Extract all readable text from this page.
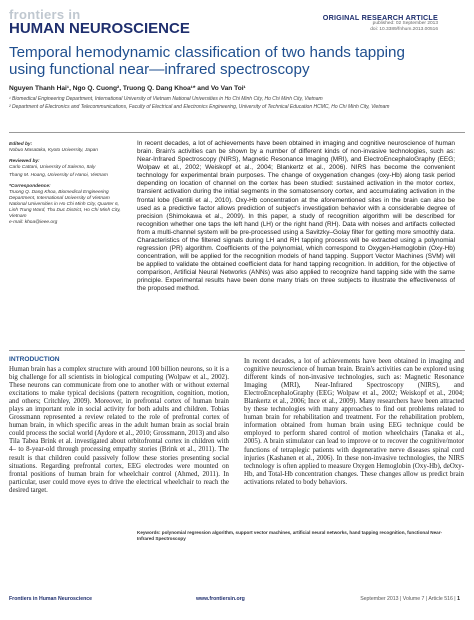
frontiers in
HUMAN NEUROSCIENCE
ORIGINAL RESEARCH ARTICLE
published: 02 September 2013
doi: 10.3389/fnhum.2013.00516
Temporal hemodynamic classification of two hands tapping using functional near—infrared spectroscopy
Nguyen Thanh Hai¹, Ngo Q. Cuong², Truong Q. Dang Khoa¹* and Vo Van Toi¹
¹ Biomedical Engineering Department, International University of Vietnam National Universities in Ho Chi Minh City, Ho Chi Minh City, Vietnam
² Department of Electronics and Telecommunications, Faculty of Electrical and Electronics Engineering, University of Technical Education HCMC, Ho Chi Minh City, Vietnam
Edited by:
Nobuo Masataka, Kyoto University, Japan
Reviewed by:
Carlo Cattani, University of Salerno, Italy
Thang M. Hoang, University of Hanoi, Vietnam
*Correspondence:
Truong Q. Dang Khoa, Biomedical Engineering Department, International University of Vietnam National Universities in Ho Chi Minh City, Quarter 6, Linh Trung Ward, Thu Duc District, Ho Chi Minh City, Vietnam
e-mail: khoa@ieee.org
In recent decades, a lot of achievements have been obtained in imaging and cognitive neuroscience of human brain. Brain's activities can be shown by a number of different kinds of non-invasive technologies, such as: Near-Infrared Spectroscopy (NIRS), Magnetic Resonance Imaging (MRI), and ElectroEncephaloGraphy (EEG; Wolpaw et al., 2002; Weiskopf et al., 2004; Blankertz et al., 2006). NIRS has become the convenient technology for experimental brain purposes. The change of oxygenation changes (oxy-Hb) along task period depending on location of channel on the cortex has been studied: sustained activation in the motor cortex, transient activation during the initial segments in the somatosensory cortex, and accumulating activation in the frontal lobe (Gentili et al., 2010). Oxy-Hb concentration at the aforementioned sites in the brain can also be used as a predictive factor allows prediction of subject's investigation behavior with a considerable degree of precision (Shimokawa et al., 2009). In this paper, a study of recognition algorithm will be described for recognition whether one taps the left hand (LH) or the right hand (RH). Data with noises and artifacts collected from a multi-channel system will be pre-processed using a Savitzky–Golay filter for getting more smoothly data. Characteristics of the filtered signals during LH and RH tapping process will be extracted using a polynomial regression (PR) algorithm. Coefficients of the polynomial, which correspond to Oxygen-Hemoglobin (Oxy-Hb) concentration, will be applied for the recognition models of hand tapping. Support Vector Machines (SVM) will be applied to validate the obtained coefficient data for hand tapping recognition. In addition, for the objective of comparison, Artificial Neural Networks (ANNs) was also applied to recognize hand tapping side with the same principle. Experimental results have been done many trials on three subjects to illustrate the effectiveness of the proposed method.
Keywords: polynomial regression algorithm, support vector machines, artificial neural networks, hand tapping recognition, functional Near-Infrared Spectroscopy
INTRODUCTION
Human brain has a complex structure with around 100 billion neurons, so it is a big challenge for all scientists in biological computing (Wolpaw et al., 2002). These neurons can communicate from one to another with or without external excitations to make typical decisions (pattern recognition, cognition, motion, and others; Critchley, 2009). Moreover, in prefrontal cortex of human brain plays an important role in social activity for both adults and children. Tobias Grossmann represented a review related to the role of prefrontal cortex of human brain, in which specific areas in the adult human brain as social brain could process the social world (Aydore et al., 2010; Grossmann, 2013) and also Tila Tabea Brink et al. investigated about orbitofrontal cortex in children with 4– to 8-year-old through processing empathy stories (Brink et al., 2011). The result is that children could passively follow these stories presenting social situations. Regarding prefrontal cortex, EEG electrodes were mounted on frontal positions of human brain for wheelchair control (Ahmed, 2011). In particular, user could move eyes to drive the electrical wheelchair to reach the desired target.
In recent decades, a lot of achievements have been obtained in imaging and cognitive neuroscience of human brain. Brain's activities can be explored using different kinds of non-invasive technologies, such as: Magnetic Resonance Imaging (MRI), Near-Infrared Spectroscopy (NIRS), and ElectroEncephaloGraphy (EEG; Wolpaw et al., 2002; Weiskopf et al., 2004; Blankertz et al., 2006; Ince et al., 2009). Many researchers have been attracted by these technologies with many approaches to find out problems related to human brain for rehabilitation and treatment. For the rehabilitation problem, information obtained from human brain using EEG technique could be employed to perform shared control of motion wheelchairs (Tanaka et al., 2005). A brain stimulator can lead to improve or to recover the cognitive/motor functions of tetraplegic patients with degenerative nerve diseases spinal cord injuries (Kashanen et al., 2006). In these non-invasive technologies, the NIRS technology is often applied to measure Oxygen Hemoglobin (Oxy-Hb), deOxy-Hb, and Total-Hb concentration changes. These changes allow us predict brain activations related to body behaviors.
Frontiers in Human Neuroscience	www.frontiersin.org	September 2013 | Volume 7 | Article 516 | 1
